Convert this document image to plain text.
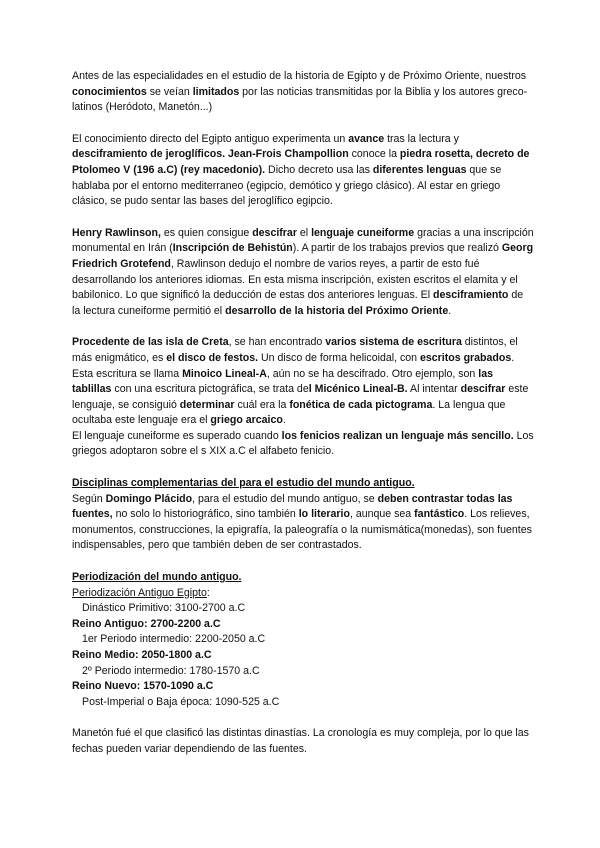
Antes de las especialidades en el estudio de la historia de Egipto y de Próximo Oriente, nuestros conocimientos se veían limitados por las noticias transmitidas por la Biblia y los autores greco-latinos (Heródoto, Manetón...)

El conocimiento directo del Egipto antiguo experimenta un avance tras la lectura y desciframiento de jeroglíficos. Jean-Frois Champollion conoce la piedra rosetta, decreto de Ptolomeo V (196 a.C) (rey macedonio). Dicho decreto usa las diferentes lenguas que se hablaba por el entorno mediterraneo (egipcio, demótico y griego clásico). Al estar en griego clásico, se pudo sentar las bases del jeroglífico egipcio.

Henry Rawlinson, es quien consigue descifrar el lenguaje cuneiforme gracias a una inscripción monumental en Irán (Inscripción de Behistún). A partir de los trabajos previos que realizó Georg Friedrich Grotefend, Rawlinson dedujo el nombre de varios reyes, a partir de esto fué desarrollando los anteriores idiomas. En esta misma inscripción, existen escritos el elamita y el babilonico. Lo que significó la deducción de estas dos anteriores lenguas. El desciframiento de la lectura cuneiforme permitió el desarrollo de la historia del Próximo Oriente.

Procedente de las isla de Creta, se han encontrado varios sistema de escritura distintos, el más enigmático, es el disco de festos. Un disco de forma helicoidal, con escritos grabados. Esta escritura se llama Minoico Lineal-A, aún no se ha descifrado. Otro ejemplo, son las tablillas con una escritura pictográfica, se trata del Micénico Lineal-B. Al intentar descifrar este lenguaje, se consiguió determinar cuál era la fonética de cada pictograma. La lengua que ocultaba este lenguaje era el griego arcaico.

El lenguaje cuneiforme es superado cuando los fenicios realizan un lenguaje más sencillo. Los griegos adoptaron sobre el s XIX a.C el alfabeto fenicio.

Disciplinas complementarias del para el estudio del mundo antiguo.

Según Domingo Plácido, para el estudio del mundo antiguo, se deben contrastar todas las fuentes, no solo lo historiográfico, sino también lo literario, aunque sea fantástico. Los relieves, monumentos, construcciones, la epigrafía, la paleografía o la numismática(monedas), son fuentes indispensables, pero que también deben de ser contrastados.

Periodización del mundo antiguo.

Periodización Antiguo Egipto:

Dinástico Primitivo: 3100-2700 a.C

Reino Antiguo: 2700-2200 a.C

1er Periodo intermedio: 2200-2050 a.C

Reino Medio: 2050-1800 a.C

2º Periodo intermedio: 1780-1570 a.C

Reino Nuevo: 1570-1090 a.C

Post-Imperial o Baja época: 1090-525 a.C

Manetón fué el que clasificó las distintas dinastías. La cronología es muy compleja, por lo que las fechas pueden variar dependiendo de las fuentes.
